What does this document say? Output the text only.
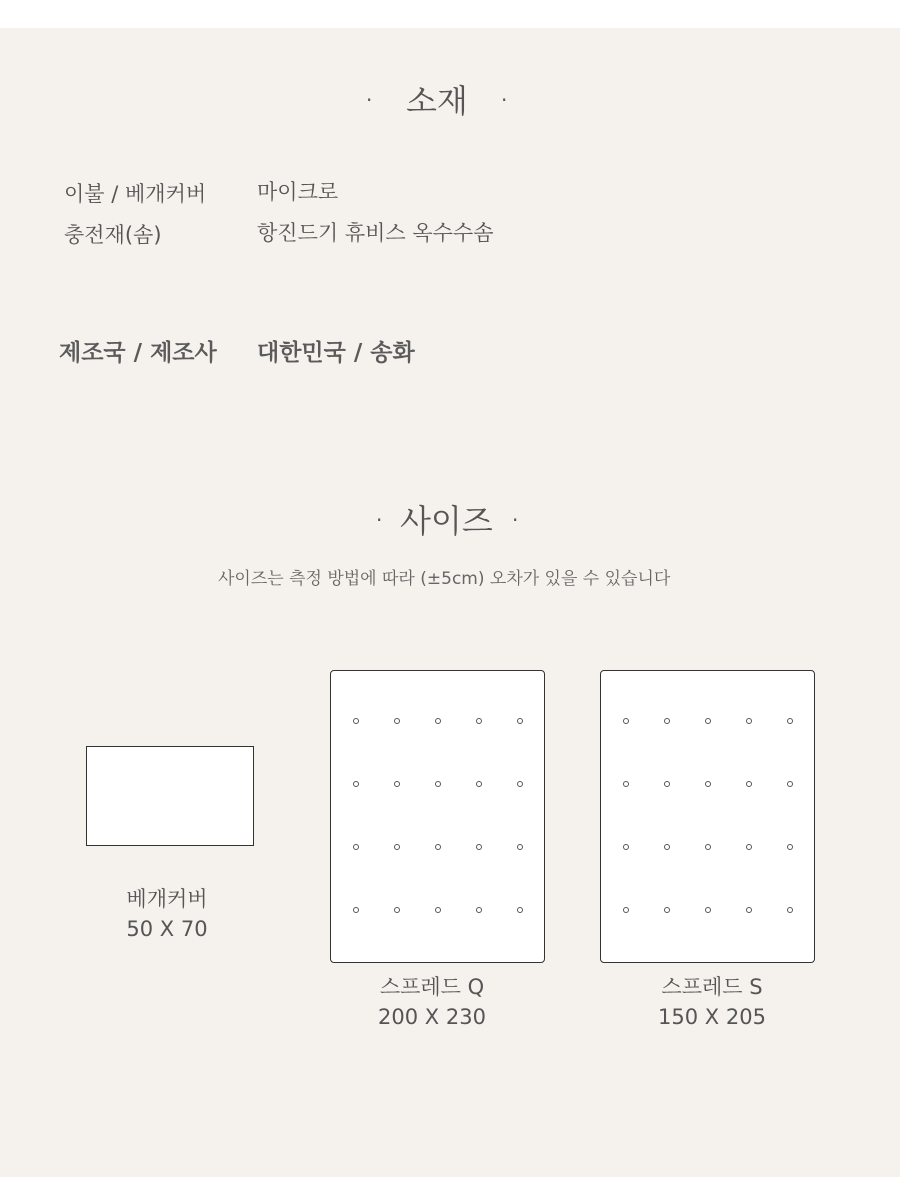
· 소재 ·
이불 / 베개커버 마이크로
충전재(솜)	항진드기 휴비스 옥수수솜
제조국 / 제조사 대한민국 / 송화
· 사이즈 ·
사이즈는 측정 방법에 따라 (±5cm) 오차가 있을 수 있습니다
베개커버
50 X 70
스프레드 Q
200 X 230
스프레드 S
150 X 205
